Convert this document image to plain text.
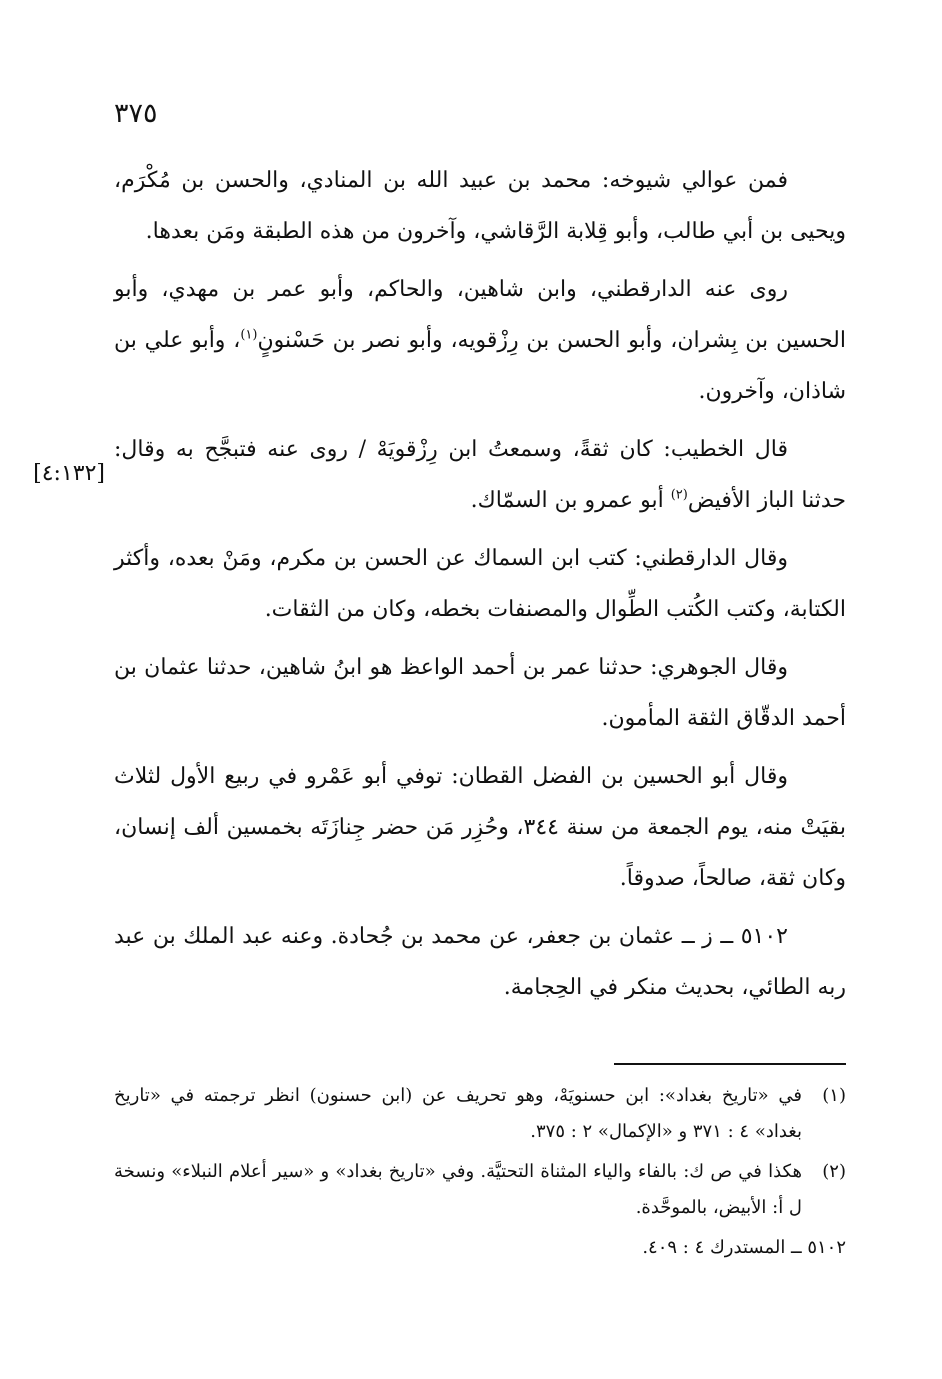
٣٧٥
[٤:١٣٢]

فمن عوالي شيوخه: محمد بن عبيد الله بن المنادي، والحسن بن مُكْرَم، ويحيى بن أبي طالب، وأبو قِلابة الرَّقاشي، وآخرون من هذه الطبقة ومَن بعدها.

روى عنه الدارقطني، وابن شاهين، والحاكم، وأبو عمر بن مهدي، وأبو الحسين بن بِشران، وأبو الحسن بن رِزْقويه، وأبو نصر بن حَسْنونٍ$^{(١)}$، وأبو علي بن شاذان، وآخرون.

قال الخطيب: كان ثقةً، وسمعتُ ابن رِزْقويَهْ / روى عنه فتبجَّح به وقال: حدثنا الباز الأفيض$^{(٢)}$ أبو عمرو بن السمّاك.

وقال الدارقطني: كتب ابن السماك عن الحسن بن مكرم، ومَنْ بعده، وأكثر الكتابة، وكتب الكُتب الطِّوال والمصنفات بخطه، وكان من الثقات.

وقال الجوهري: حدثنا عمر بن أحمد الواعظ هو ابنُ شاهين، حدثنا عثمان بن أحمد الدقّاق الثقة المأمون.

وقال أبو الحسين بن الفضل القطان: توفي أبو عَمْرو في ربيع الأول لثلاث بقيَتْ منه، يوم الجمعة من سنة ٣٤٤، وحُزِر مَن حضر جِنازَتَه بخمسين ألف إنسان، وكان ثقة، صالحاً، صدوقاً.

٥١٠٢ ــ ز ــ عثمان بن جعفر، عن محمد بن جُحادة. وعنه عبد الملك بن عبد ربه الطائي، بحديث منكر في الحِجامة.

(١)في «تاريخ بغداد»: ابن حسنويَهْ، وهو تحريف عن (ابن حسنون) انظر ترجمته في «تاريخ بغداد» ٤ : ٣٧١ و «الإكمال» ٢ : ٣٧٥.

(٢)هكذا في ص ك: بالفاء والياء المثناة التحتيَّة. وفي «تاريخ بغداد» و «سير أعلام النبلاء» ونسخة ل أ: الأبيض، بالموحَّدة.

٥١٠٢ ــ المستدرك ٤ : ٤٠٩.
